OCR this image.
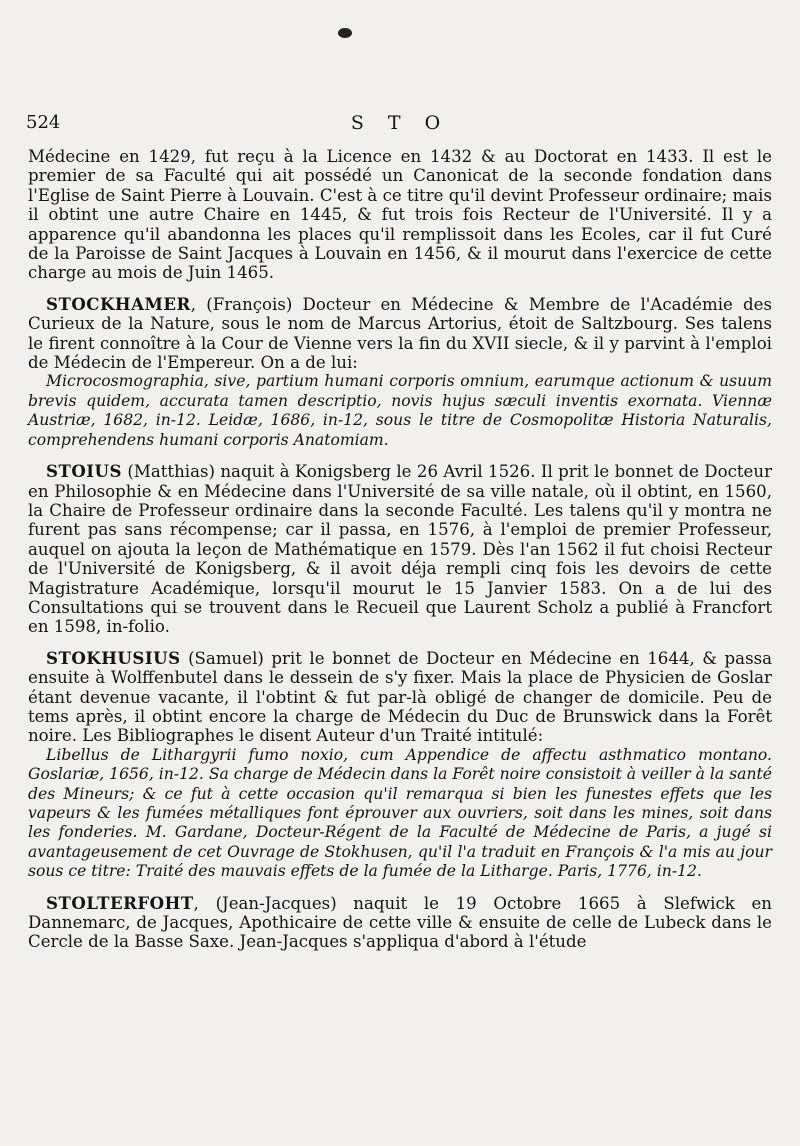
524	S T O

Médecine en 1429, fut reçu à la Licence en 1432 & au Doctorat en 1433. Il est le premier de sa Faculté qui ait possédé un Canonicat de la seconde fondation dans l'Eglise de Saint Pierre à Louvain. C'est à ce titre qu'il devint Professeur ordinaire; mais il obtint une autre Chaire en 1445, & fut trois fois Recteur de l'Université. Il y a apparence qu'il abandonna les places qu'il remplissoit dans les Ecoles, car il fut Curé de la Paroisse de Saint Jacques à Louvain en 1456, & il mourut dans l'exercice de cette charge au mois de Juin 1465.

STOCKHAMER, (François) Docteur en Médecine & Membre de l'Académie des Curieux de la Nature, sous le nom de Marcus Artorius, étoit de Saltzbourg. Ses talens le firent connoître à la Cour de Vienne vers la fin du XVII siecle, & il y parvint à l'emploi de Médecin de l'Empereur. On a de lui:

Microcosmographia, sive, partium humani corporis omnium, earumque actionum & usuum brevis quidem, accurata tamen descriptio, novis hujus sæculi inventis exornata. Viennæ Austriæ, 1682, in-12. Leidæ, 1686, in-12, sous le titre de Cosmopolitæ Historia Naturalis, comprehendens humani corporis Anatomiam.

STOIUS (Matthias) naquit à Konigsberg le 26 Avril 1526. Il prit le bonnet de Docteur en Philosophie & en Médecine dans l'Université de sa ville natale, où il obtint, en 1560, la Chaire de Professeur ordinaire dans la seconde Faculté. Les talens qu'il y montra ne furent pas sans récompense; car il passa, en 1576, à l'emploi de premier Professeur, auquel on ajouta la leçon de Mathématique en 1579. Dès l'an 1562 il fut choisi Recteur de l'Université de Konigsberg, & il avoit déja rempli cinq fois les devoirs de cette Magistrature Académique, lorsqu'il mourut le 15 Janvier 1583. On a de lui des Consultations qui se trouvent dans le Recueil que Laurent Scholz a publié à Francfort en 1598, in-folio.

STOKHUSIUS (Samuel) prit le bonnet de Docteur en Médecine en 1644, & passa ensuite à Wolffenbutel dans le dessein de s'y fixer. Mais la place de Physicien de Goslar étant devenue vacante, il l'obtint & fut par-là obligé de changer de domicile. Peu de tems après, il obtint encore la charge de Médecin du Duc de Brunswick dans la Forêt noire. Les Bibliographes le disent Auteur d'un Traité intitulé:

Libellus de Lithargyrii fumo noxio, cum Appendice de affectu asthmatico montano. Goslariæ, 1656, in-12. Sa charge de Médecin dans la Forêt noire consistoit à veiller à la santé des Mineurs; & ce fut à cette occasion qu'il remarqua si bien les funestes effets que les vapeurs & les fumées métalliques font éprouver aux ouvriers, soit dans les mines, soit dans les fonderies. M. Gardane, Docteur-Régent de la Faculté de Médecine de Paris, a jugé si avantageusement de cet Ouvrage de Stokhusen, qu'il l'a traduit en François & l'a mis au jour sous ce titre: Traité des mauvais effets de la fumée de la Litharge. Paris, 1776, in-12.

STOLTERFOHT, (Jean-Jacques) naquit le 19 Octobre 1665 à Slefwick en Dannemarc, de Jacques, Apothicaire de cette ville & ensuite de celle de Lubeck dans le Cercle de la Basse Saxe. Jean-Jacques s'appliqua d'abord à l'étude
